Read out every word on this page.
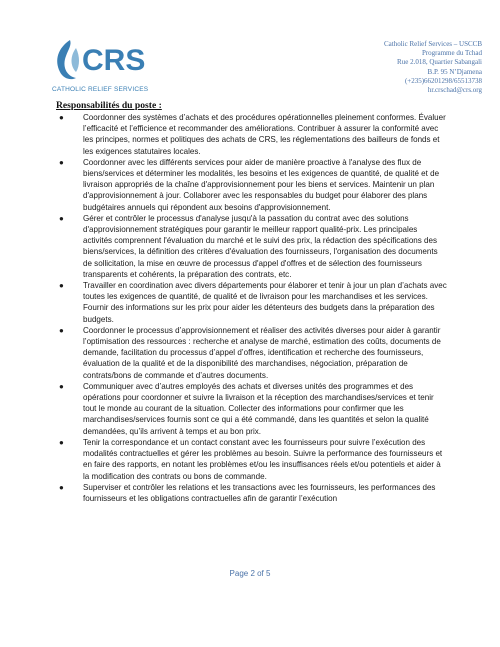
CRS
CATHOLIC RELIEF SERVICES
Catholic Relief Services – USCCB
Programme du Tchad
Rue 2.018, Quartier Sabangali
B.P. 95 N’Djamena
(+235)66201298/65513738
hr.crschad@crs.org
Responsabilités du poste :
● Coordonner des systèmes d’achats et des procédures opérationnelles pleinement conformes. Évaluer l’efficacité et l’efficience et recommander des améliorations. Contribuer à assurer la conformité avec les principes, normes et politiques des achats de CRS, les réglementations des bailleurs de fonds et les exigences statutaires locales.
● Coordonner avec les différents services pour aider de manière proactive à l'analyse des flux de biens/services et déterminer les modalités, les besoins et les exigences de quantité, de qualité et de livraison appropriés de la chaîne d'approvisionnement pour les biens et services. Maintenir un plan d'approvisionnement à jour. Collaborer avec les responsables du budget pour élaborer des plans budgétaires annuels qui répondent aux besoins d'approvisionnement.
● Gérer et contrôler le processus d'analyse jusqu'à la passation du contrat avec des solutions d'approvisionnement stratégiques pour garantir le meilleur rapport qualité-prix. Les principales activités comprennent l'évaluation du marché et le suivi des prix, la rédaction des spécifications des biens/services, la définition des critères d'évaluation des fournisseurs, l'organisation des documents de sollicitation, la mise en œuvre de processus d'appel d'offres et de sélection des fournisseurs transparents et cohérents, la préparation des contrats, etc.
● Travailler en coordination avec divers départements pour élaborer et tenir à jour un plan d’achats avec toutes les exigences de quantité, de qualité et de livraison pour les marchandises et les services. Fournir des informations sur les prix pour aider les détenteurs des budgets dans la préparation des budgets.
● Coordonner le processus d’approvisionnement et réaliser des activités diverses pour aider à garantir l’optimisation des ressources : recherche et analyse de marché, estimation des coûts, documents de demande, facilitation du processus d’appel d’offres, identification et recherche des fournisseurs, évaluation de la qualité et de la disponibilité des marchandises, négociation, préparation de contrats/bons de commande et d’autres documents.
● Communiquer avec d’autres employés des achats et diverses unités des programmes et des opérations pour coordonner et suivre la livraison et la réception des marchandises/services et tenir tout le monde au courant de la situation. Collecter des informations pour confirmer que les marchandises/services fournis sont ce qui a été commandé, dans les quantités et selon la qualité demandées, qu’ils arrivent à temps et au bon prix.
● Tenir la correspondance et un contact constant avec les fournisseurs pour suivre l’exécution des modalités contractuelles et gérer les problèmes au besoin. Suivre la performance des fournisseurs et en faire des rapports, en notant les problèmes et/ou les insuffisances réels et/ou potentiels et aider à la modification des contrats ou bons de commande.
● Superviser et contrôler les relations et les transactions avec les fournisseurs, les performances des fournisseurs et les obligations contractuelles afin de garantir l’exécution
Page 2 of 5
